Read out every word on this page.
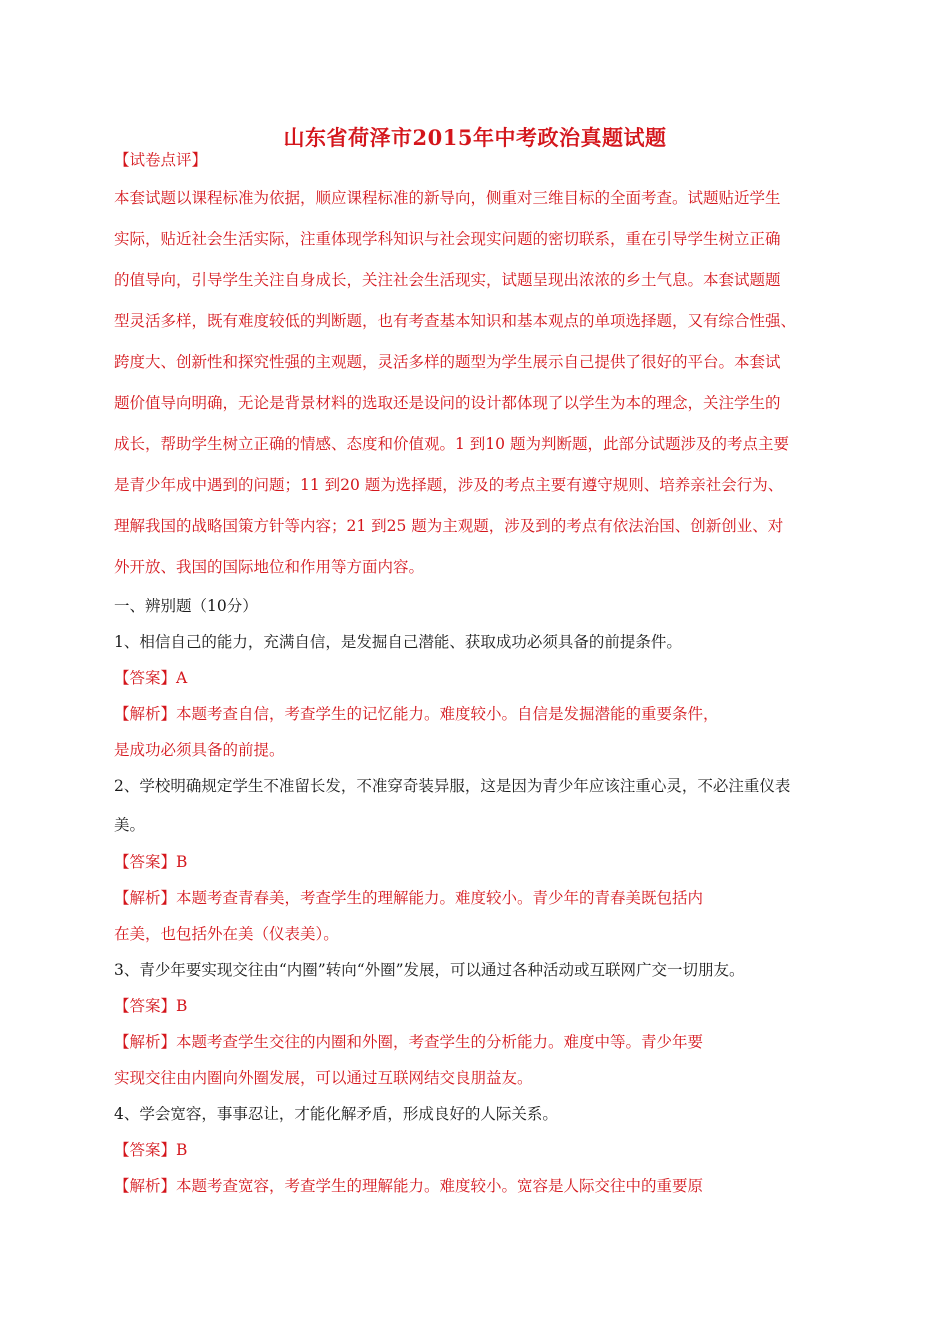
山东省荷泽市2015年中考政治真题试题
【试卷点评】
本套试题以课程标准为依据，顺应课程标准的新导向，侧重对三维目标的全面考查。试题贴近学生
实际，贴近社会生活实际，注重体现学科知识与社会现实问题的密切联系，重在引导学生树立正确
的值导向，引导学生关注自身成长，关注社会生活现实，试题呈现出浓浓的乡土气息。本套试题题
型灵活多样，既有难度较低的判断题，也有考查基本知识和基本观点的单项选择题，又有综合性强、
跨度大、创新性和探究性强的主观题，灵活多样的题型为学生展示自己提供了很好的平台。本套试
题价值导向明确，无论是背景材料的选取还是设问的设计都体现了以学生为本的理念，关注学生的
成长，帮助学生树立正确的情感、态度和价值观。1 到10 题为判断题，此部分试题涉及的考点主要
是青少年成中遇到的问题；11 到20 题为选择题，涉及的考点主要有遵守规则、培养亲社会行为、
理解我国的战略国策方针等内容；21 到25 题为主观题，涉及到的考点有依法治国、创新创业、对
外开放、我国的国际地位和作用等方面内容。
一、辨别题（10分）
1、相信自己的能力，充满自信，是发掘自己潜能、获取成功必须具备的前提条件。
【答案】A
【解析】本题考查自信，考查学生的记忆能力。难度较小。自信是发掘潜能的重要条件，
是成功必须具备的前提。
2、学校明确规定学生不准留长发，不准穿奇装异服，这是因为青少年应该注重心灵，不必注重仪表
美。
【答案】B
【解析】本题考查青春美，考查学生的理解能力。难度较小。青少年的青春美既包括内
在美，也包括外在美（仪表美）。
3、青少年要实现交往由“内圈”转向“外圈”发展，可以通过各种活动或互联网广交一切朋友。
【答案】B
【解析】本题考查学生交往的内圈和外圈，考查学生的分析能力。难度中等。青少年要
实现交往由内圈向外圈发展，可以通过互联网结交良朋益友。
4、学会宽容，事事忍让，才能化解矛盾，形成良好的人际关系。
【答案】B
【解析】本题考查宽容，考查学生的理解能力。难度较小。宽容是人际交往中的重要原
